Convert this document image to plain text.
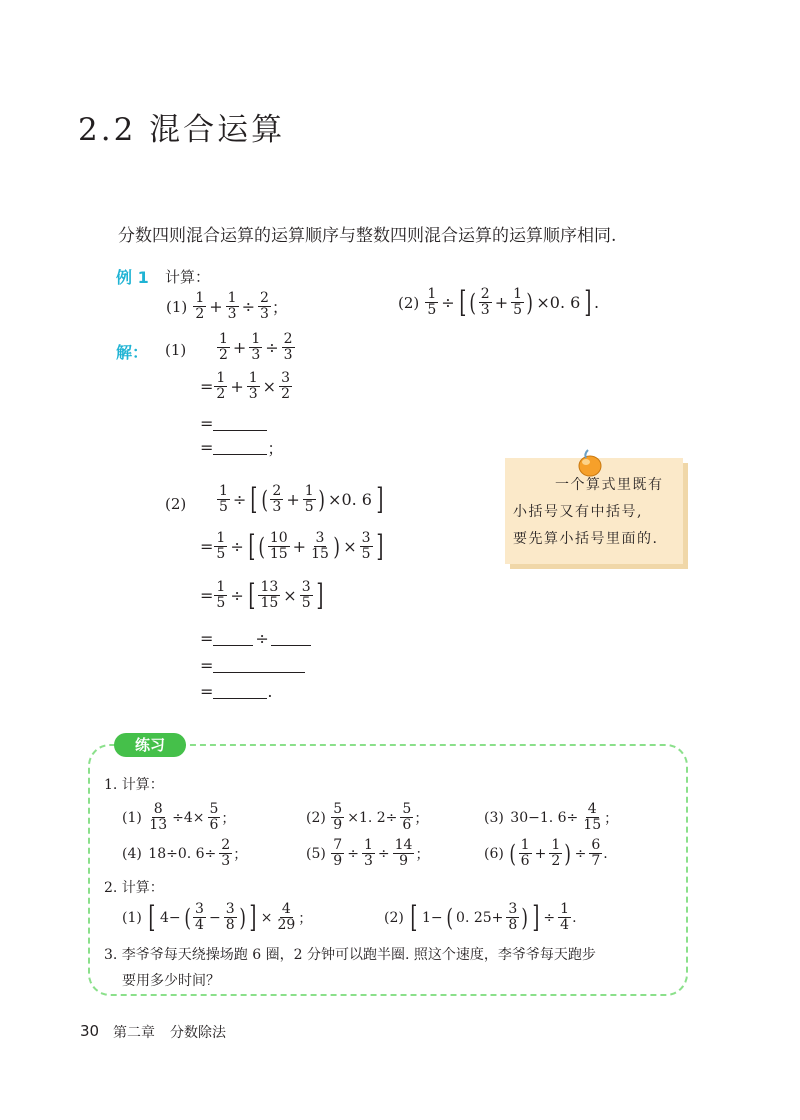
2.2 混合运算
分数四则混合运算的运算顺序与整数四则混合运算的运算顺序相同.
例 1 计算：
(1)
$\frac{1}{2} + \frac{1}{3} \div \frac{2}{3}$ ；	(2)
$\frac{1}{5}$ ÷ [ ( $\frac{2}{3} + \frac{1}{5}$ ) ×0. 6 ] .
解： $(1) \frac{1}{2} + \frac{1}{3} \div \frac{2}{3}$
= $\frac{1}{2} + \frac{1}{3} \times \frac{3}{2}$
=
=	；
$(2) \frac{1}{5}$ ÷ [ ( $\frac{2}{3} + \frac{1}{5}$ ) ×0. 6 ]
= $\frac{1}{5}$ ÷ [ ( $\frac{10}{15} + \frac{3}{15}$ ) × $\frac{3}{5}$ ]
= $\frac{1}{5}$ ÷ [ $\frac{13}{15} \times \frac{3}{5}$ ]
=	÷
=
=	.
一个算式里既有
小括号又有中括号,
要先算小括号里面的.
练习
1. 计算：
(1)
$\frac{8}{13} \div 4\times \frac{5}{6}$ ；	(2)
$\frac{5}{9} \times 1$. $2\div \frac{5}{6}$ ；	(3)
30−1. $6\div \frac{4}{15}$ ；
(4)
18÷0. $6\div \frac{2}{3}$ ；	(5)
$\frac{7}{9} \div \frac{1}{3} \div \frac{14}{9}$ ；	(6)
( $\frac{1}{6} + \frac{1}{2}$ ) ÷ $\frac{6}{7}$ .
2. 计算：
(1)
[ 4− ( $\frac{3}{4} - \frac{3}{8}$ ) ] × $\frac{4}{29}$ ；	(2)
[ 1− ( 0. $25+ \frac{3}{8}$ ) ] ÷ $\frac{1}{4}$ .
3. 李爷爷每天绕操场跑 6 圈，2 分钟可以跑半圈. 照这个速度，李爷爷每天跑步
要用多少时间？
30 第二章 分数除法
